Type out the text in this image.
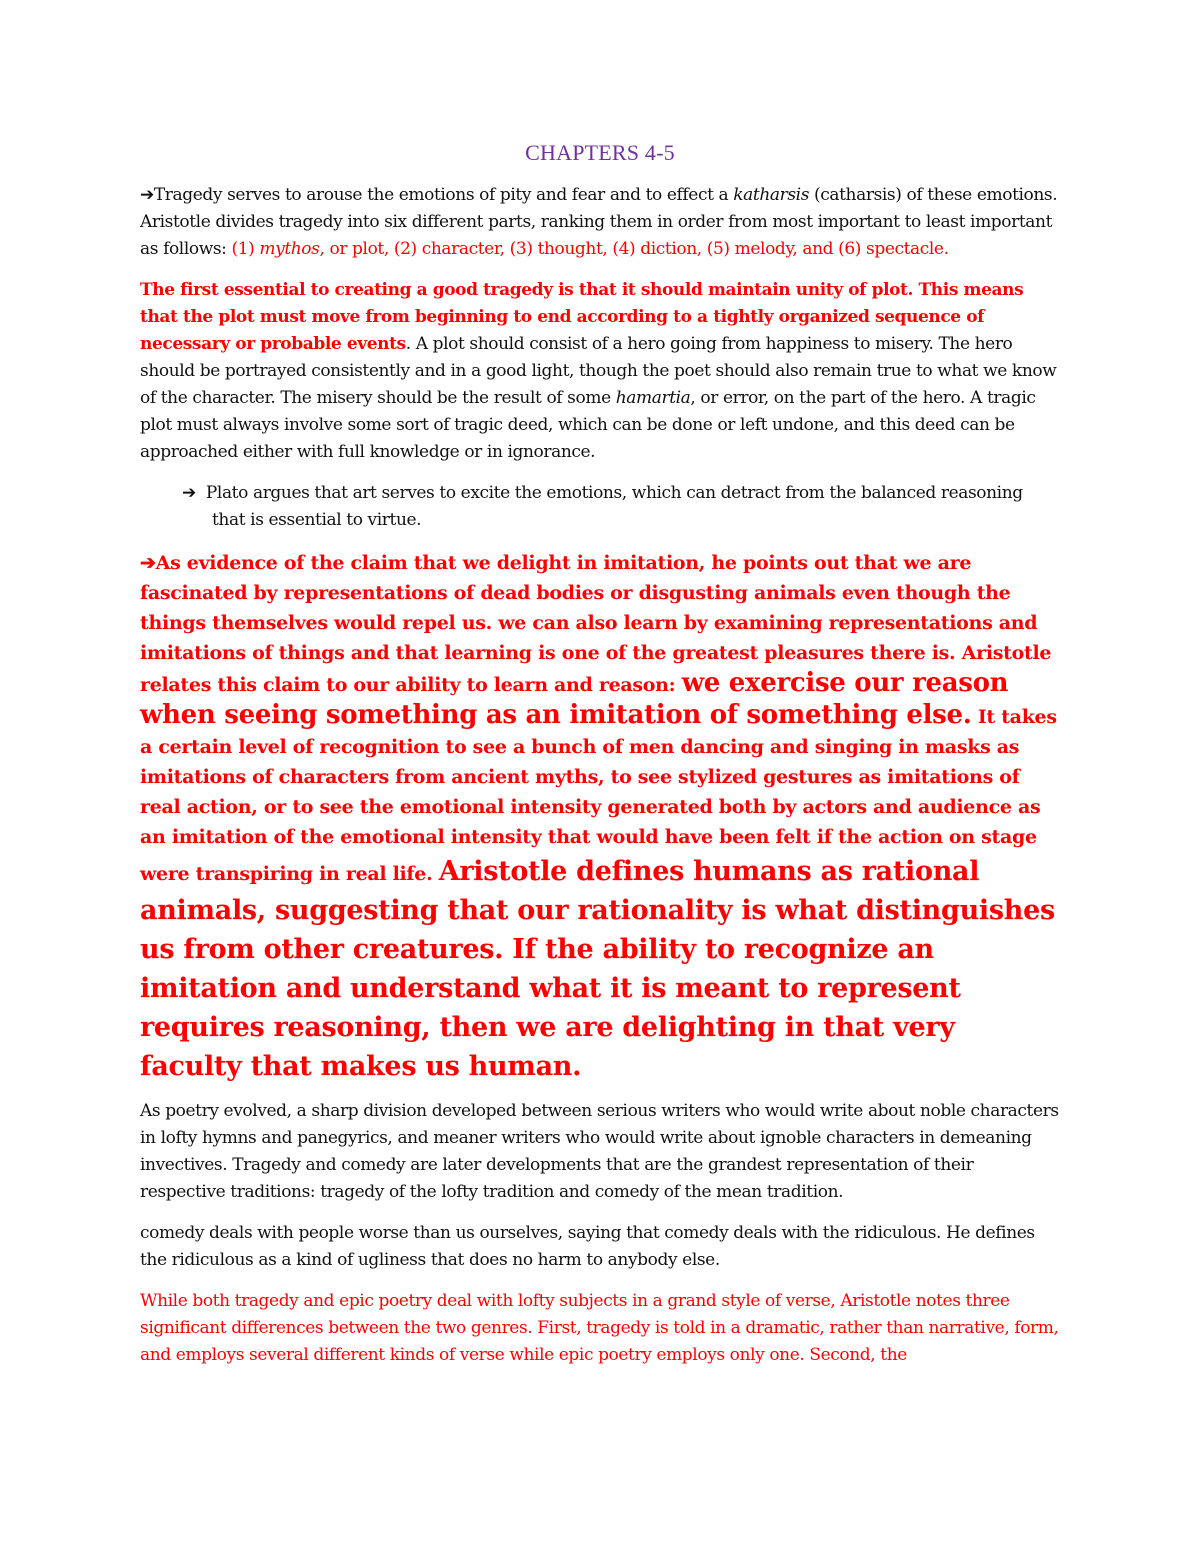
CHAPTERS 4-5

➔Tragedy serves to arouse the emotions of pity and fear and to effect a katharsis (catharsis) of these emotions. Aristotle divides tragedy into six different parts, ranking them in order from most important to least important as follows: (1) mythos, or plot, (2) character, (3) thought, (4) diction, (5) melody, and (6) spectacle.

The first essential to creating a good tragedy is that it should maintain unity of plot. This means that the plot must move from beginning to end according to a tightly organized sequence of necessary or probable events. A plot should consist of a hero going from happiness to misery. The hero should be portrayed consistently and in a good light, though the poet should also remain true to what we know of the character. The misery should be the result of some hamartia, or error, on the part of the hero. A tragic plot must always involve some sort of tragic deed, which can be done or left undone, and this deed can be approached either with full knowledge or in ignorance.

➔ Plato argues that art serves to excite the emotions, which can detract from the balanced reasoning that is essential to virtue.

➔As evidence of the claim that we delight in imitation, he points out that we are fascinated by representations of dead bodies or disgusting animals even though the things themselves would repel us. we can also learn by examining representations and imitations of things and that learning is one of the greatest pleasures there is. Aristotle relates this claim to our ability to learn and reason: we exercise our reason when seeing something as an imitation of something else. It takes a certain level of recognition to see a bunch of men dancing and singing in masks as imitations of characters from ancient myths, to see stylized gestures as imitations of real action, or to see the emotional intensity generated both by actors and audience as an imitation of the emotional intensity that would have been felt if the action on stage were transpiring in real life. Aristotle defines humans as rational animals, suggesting that our rationality is what distinguishes us from other creatures. If the ability to recognize an imitation and understand what it is meant to represent requires reasoning, then we are delighting in that very faculty that makes us human.

As poetry evolved, a sharp division developed between serious writers who would write about noble characters in lofty hymns and panegyrics, and meaner writers who would write about ignoble characters in demeaning invectives. Tragedy and comedy are later developments that are the grandest representation of their respective traditions: tragedy of the lofty tradition and comedy of the mean tradition.

comedy deals with people worse than us ourselves, saying that comedy deals with the ridiculous. He defines the ridiculous as a kind of ugliness that does no harm to anybody else.

While both tragedy and epic poetry deal with lofty subjects in a grand style of verse, Aristotle notes three significant differences between the two genres. First, tragedy is told in a dramatic, rather than narrative, form, and employs several different kinds of verse while epic poetry employs only one. Second, the
